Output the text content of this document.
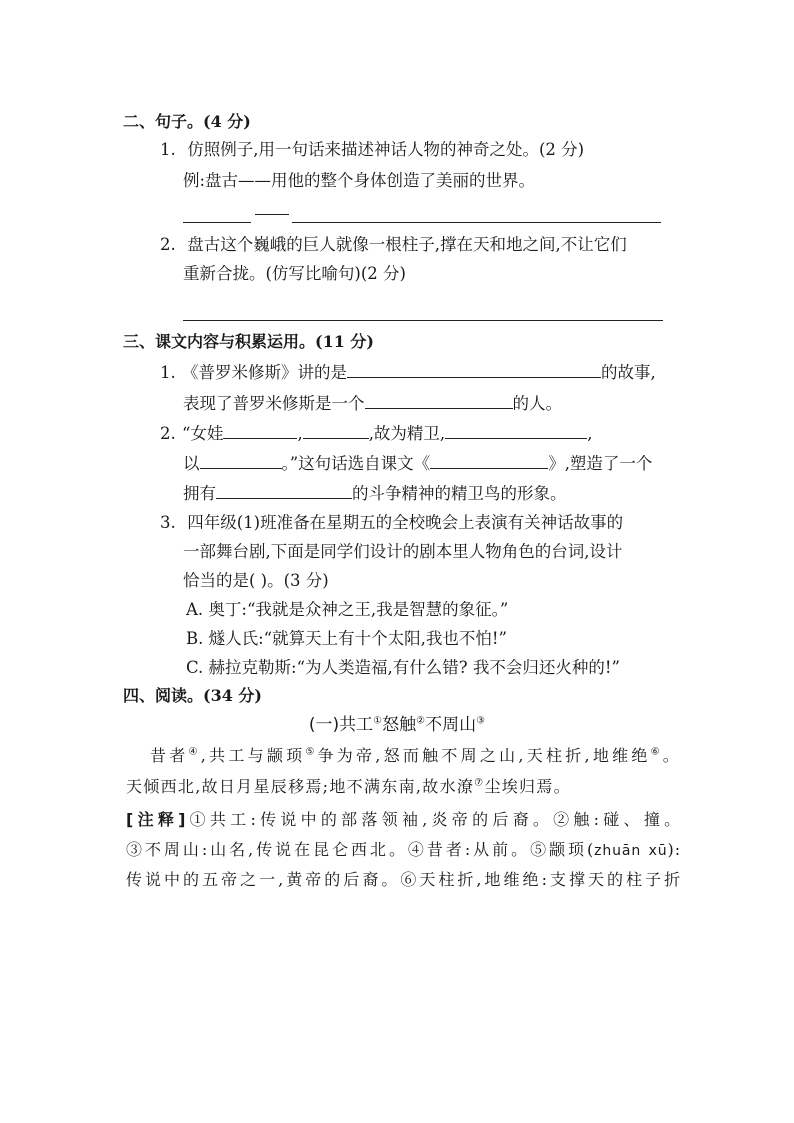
二、句子。(4 分)
1. 仿照例子,用一句话来描述神话人物的神奇之处。(2 分)
例:盘古——用他的整个身体创造了美丽的世界。
2. 盘古这个巍峨的巨人就像一根柱子,撑在天和地之间,不让它们
重新合拢。(仿写比喻句)(2 分)
三、课文内容与积累运用。(11 分)
1. 《普罗米修斯》讲的是	的故事,
表现了普罗米修斯是一个	的人。
2. “女娃	,	,故为精卫,	,
以	。”这句话选自课文《	》,塑造了一个
拥有	的斗争精神的精卫鸟的形象。
3. 四年级(1)班准备在星期五的全校晚会上表演有关神话故事的
一部舞台剧,下面是同学们设计的剧本里人物角色的台词,设计
恰当的是( )。(3 分)
A. 奥丁:“我就是众神之王,我是智慧的象征。”
B. 燧人氏:“就算天上有十个太阳,我也不怕!”
C. 赫拉克勒斯:“为人类造福,有什么错? 我不会归还火种的!”
四、阅读。(34 分)
(一)共工①怒触②不周山③
昔者④,共工与颛顼⑤争为帝,怒而触不周之山,天柱折,地维绝⑥。
天倾西北,故日月星辰移焉;地不满东南,故水潦⑦尘埃归焉。
[注释]①共工:传说中的部落领袖,炎帝的后裔。②触:碰、撞。
③不周山:山名,传说在昆仑西北。④昔者:从前。⑤颛顼(zhuān xū):
传说中的五帝之一,黄帝的后裔。⑥天柱折,地维绝:支撑天的柱子折
